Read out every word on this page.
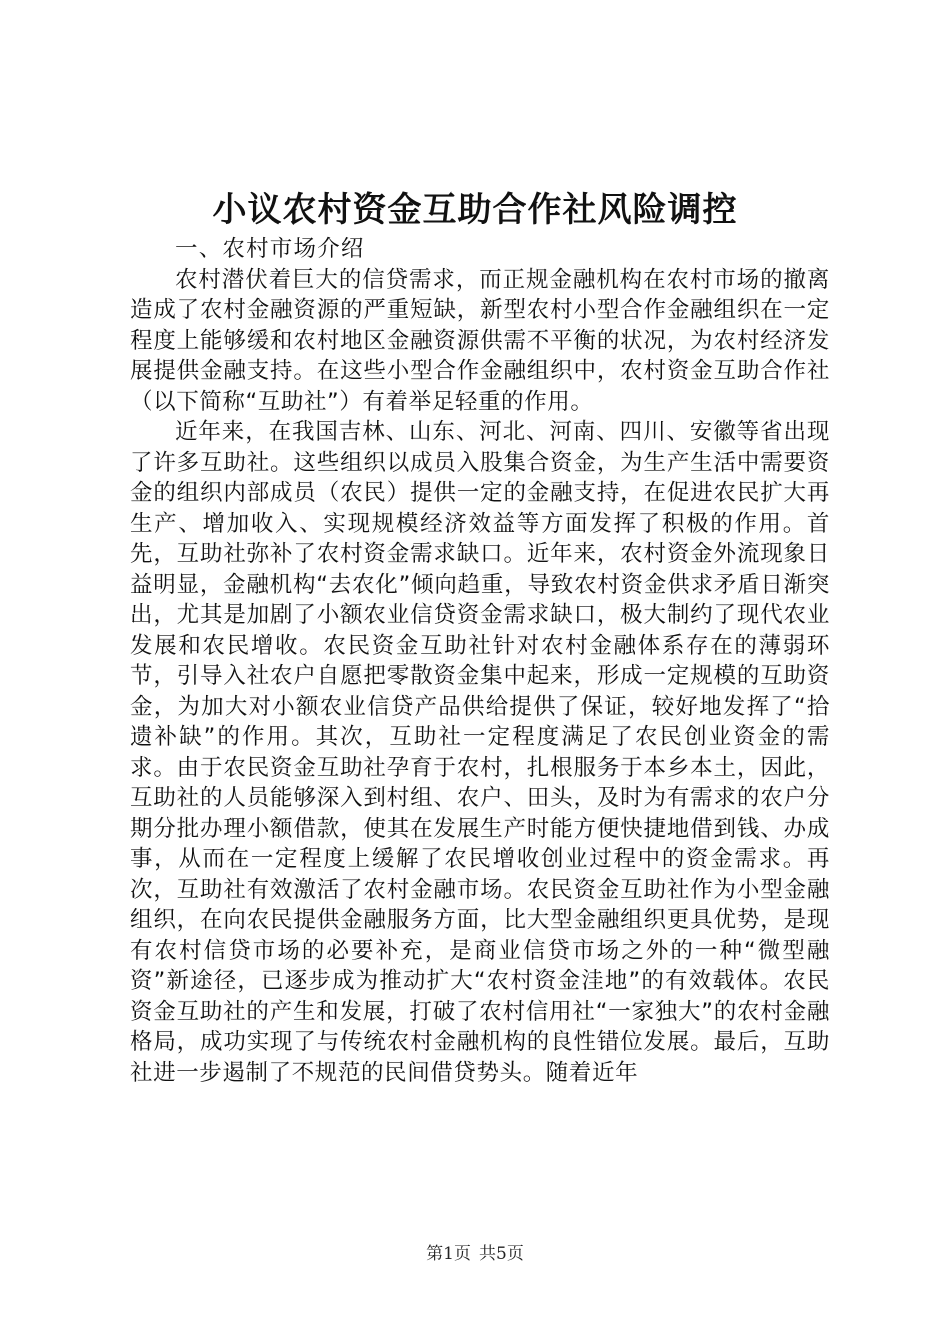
小议农村资金互助合作社风险调控

一、农村市场介绍

农村潜伏着巨大的信贷需求，而正规金融机构在农村市场的撤离造成了农村金融资源的严重短缺，新型农村小型合作金融组织在一定程度上能够缓和农村地区金融资源供需不平衡的状况，为农村经济发展提供金融支持。在这些小型合作金融组织中，农村资金互助合作社（以下简称“互助社”）有着举足轻重的作用。

近年来，在我国吉林、山东、河北、河南、四川、安徽等省出现了许多互助社。这些组织以成员入股集合资金，为生产生活中需要资金的组织内部成员（农民）提供一定的金融支持，在促进农民扩大再生产、增加收入、实现规模经济效益等方面发挥了积极的作用。首先，互助社弥补了农村资金需求缺口。近年来，农村资金外流现象日益明显，金融机构“去农化”倾向趋重，导致农村资金供求矛盾日渐突出，尤其是加剧了小额农业信贷资金需求缺口，极大制约了现代农业发展和农民增收。农民资金互助社针对农村金融体系存在的薄弱环节，引导入社农户自愿把零散资金集中起来，形成一定规模的互助资金，为加大对小额农业信贷产品供给提供了保证，较好地发挥了“拾遗补缺”的作用。其次，互助社一定程度满足了农民创业资金的需求。由于农民资金互助社孕育于农村，扎根服务于本乡本土，因此，互助社的人员能够深入到村组、农户、田头，及时为有需求的农户分期分批办理小额借款，使其在发展生产时能方便快捷地借到钱、办成事，从而在一定程度上缓解了农民增收创业过程中的资金需求。再次，互助社有效激活了农村金融市场。农民资金互助社作为小型金融组织，在向农民提供金融服务方面，比大型金融组织更具优势，是现有农村信贷市场的必要补充，是商业信贷市场之外的一种“微型融资”新途径，已逐步成为推动扩大“农村资金洼地”的有效载体。农民资金互助社的产生和发展，打破了农村信用社“一家独大”的农村金融格局，成功实现了与传统农村金融机构的良性错位发展。最后，互助社进一步遏制了不规范的民间借贷势头。随着近年

第1页 共5页
